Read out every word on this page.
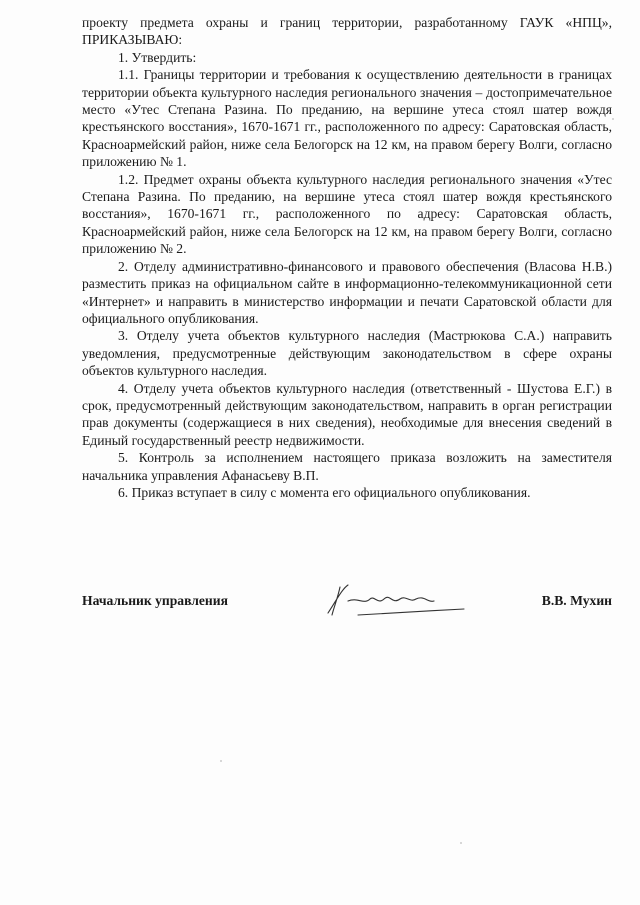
проекту предмета охраны и границ территории, разработанному ГАУК «НПЦ», ПРИКАЗЫВАЮ:

1. Утвердить:

1.1. Границы территории и требования к осуществлению деятельности в границах территории объекта культурного наследия регионального значения – достопримечательное место «Утес Степана Разина. По преданию, на вершине утеса стоял шатер вождя крестьянского восстания», 1670-1671 гг., расположенного по адресу: Саратовская область, Красноармейский район, ниже села Белогорск на 12 км, на правом берегу Волги, согласно приложению № 1.

1.2. Предмет охраны объекта культурного наследия регионального значения «Утес Степана Разина. По преданию, на вершине утеса стоял шатер вождя крестьянского восстания», 1670-1671 гг., расположенного по адресу: Саратовская область, Красноармейский район, ниже села Белогорск на 12 км, на правом берегу Волги, согласно приложению № 2.

2. Отделу административно-финансового и правового обеспечения (Власова Н.В.) разместить приказ на официальном сайте в информационно-телекоммуникационной сети «Интернет» и направить в министерство информации и печати Саратовской области для официального опубликования.

3. Отделу учета объектов культурного наследия (Мастрюкова С.А.) направить уведомления, предусмотренные действующим законодательством в сфере охраны объектов культурного наследия.

4. Отделу учета объектов культурного наследия (ответственный - Шустова Е.Г.) в срок, предусмотренный действующим законодательством, направить в орган регистрации прав документы (содержащиеся в них сведения), необходимые для внесения сведений в Единый государственный реестр недвижимости.

5. Контроль за исполнением настоящего приказа возложить на заместителя начальника управления Афанасьеву В.П.

6. Приказ вступает в силу с момента его официального опубликования.

Начальник управления	В.В. Мухин
